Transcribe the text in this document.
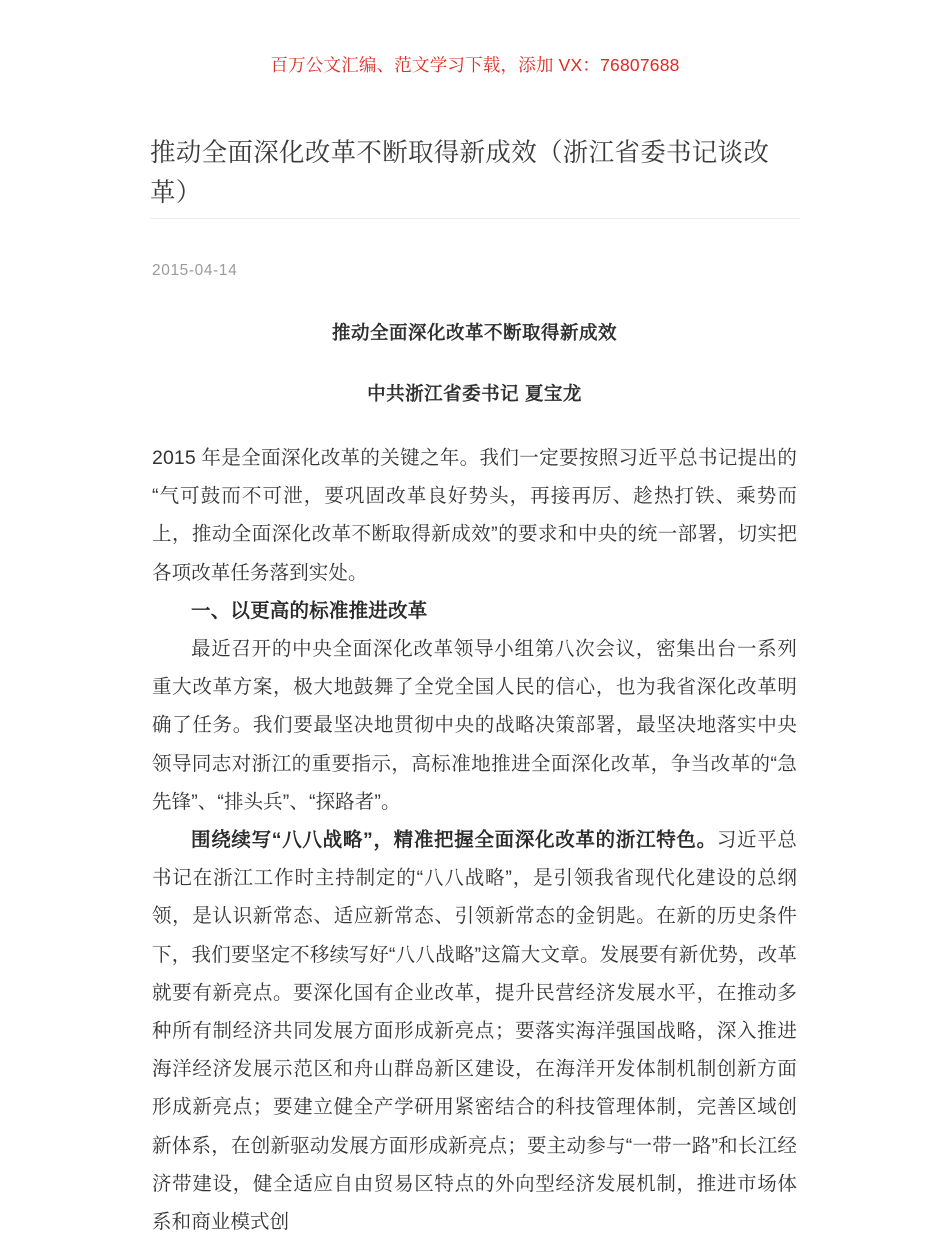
百万公文汇编、范文学习下载，添加 VX：76807688
推动全面深化改革不断取得新成效（浙江省委书记谈改革）
2015-04-14
推动全面深化改革不断取得新成效
中共浙江省委书记 夏宝龙

2015 年是全面深化改革的关键之年。我们一定要按照习近平总书记提出的“气可鼓而不可泄，要巩固改革良好势头，再接再厉、趁热打铁、乘势而上，推动全面深化改革不断取得新成效”的要求和中央的统一部署，切实把各项改革任务落到实处。

一、以更高的标准推进改革

最近召开的中央全面深化改革领导小组第八次会议，密集出台一系列重大改革方案，极大地鼓舞了全党全国人民的信心，也为我省深化改革明确了任务。我们要最坚决地贯彻中央的战略决策部署，最坚决地落实中央领导同志对浙江的重要指示，高标准地推进全面深化改革，争当改革的“急先锋”、“排头兵”、“探路者”。

围绕续写“八八战略”，精准把握全面深化改革的浙江特色。习近平总书记在浙江工作时主持制定的“八八战略”，是引领我省现代化建设的总纲领，是认识新常态、适应新常态、引领新常态的金钥匙。在新的历史条件下，我们要坚定不移续写好“八八战略”这篇大文章。发展要有新优势，改革就要有新亮点。要深化国有企业改革，提升民营经济发展水平，在推动多种所有制经济共同发展方面形成新亮点；要落实海洋强国战略，深入推进海洋经济发展示范区和舟山群岛新区建设，在海洋开发体制机制创新方面形成新亮点；要建立健全产学研用紧密结合的科技管理体制，完善区域创新体系，在创新驱动发展方面形成新亮点；要主动参与“一带一路”和长江经济带建设，健全适应自由贸易区特点的外向型经济发展机制，推进市场体系和商业模式创
